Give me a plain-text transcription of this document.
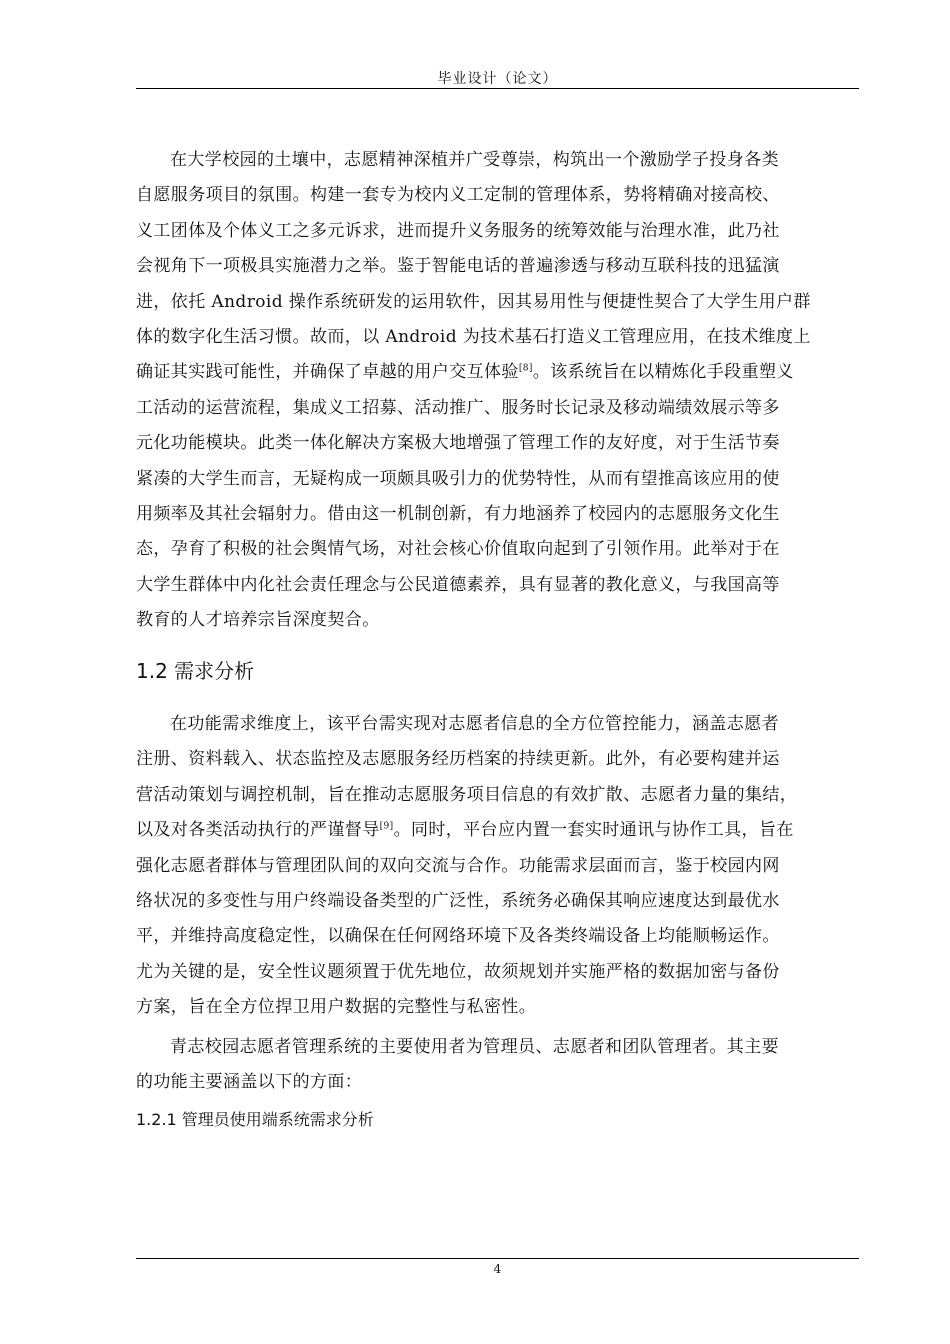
毕业设计（论文）
在大学校园的土壤中，志愿精神深植并广受尊崇，构筑出一个激励学子投身各类
自愿服务项目的氛围。构建一套专为校内义工定制的管理体系，势将精确对接高校、
义工团体及个体义工之多元诉求，进而提升义务服务的统筹效能与治理水准，此乃社
会视角下一项极具实施潜力之举。鉴于智能电话的普遍渗透与移动互联科技的迅猛演
进，依托 Android 操作系统研发的运用软件，因其易用性与便捷性契合了大学生用户群
体的数字化生活习惯。故而，以 Android 为技术基石打造义工管理应用，在技术维度上
确证其实践可能性，并确保了卓越的用户交互体验[8]。该系统旨在以精炼化手段重塑义
工活动的运营流程，集成义工招募、活动推广、服务时长记录及移动端绩效展示等多
元化功能模块。此类一体化解决方案极大地增强了管理工作的友好度，对于生活节奏
紧凑的大学生而言，无疑构成一项颇具吸引力的优势特性，从而有望推高该应用的使
用频率及其社会辐射力。借由这一机制创新，有力地涵养了校园内的志愿服务文化生
态，孕育了积极的社会舆情气场，对社会核心价值取向起到了引领作用。此举对于在
大学生群体中内化社会责任理念与公民道德素养，具有显著的教化意义，与我国高等
教育的人才培养宗旨深度契合。
1.2 需求分析
在功能需求维度上，该平台需实现对志愿者信息的全方位管控能力，涵盖志愿者
注册、资料载入、状态监控及志愿服务经历档案的持续更新。此外，有必要构建并运
营活动策划与调控机制，旨在推动志愿服务项目信息的有效扩散、志愿者力量的集结，
以及对各类活动执行的严谨督导[9]。同时，平台应内置一套实时通讯与协作工具，旨在
强化志愿者群体与管理团队间的双向交流与合作。功能需求层面而言，鉴于校园内网
络状况的多变性与用户终端设备类型的广泛性，系统务必确保其响应速度达到最优水
平，并维持高度稳定性，以确保在任何网络环境下及各类终端设备上均能顺畅运作。
尤为关键的是，安全性议题须置于优先地位，故须规划并实施严格的数据加密与备份
方案，旨在全方位捍卫用户数据的完整性与私密性。
青志校园志愿者管理系统的主要使用者为管理员、志愿者和团队管理者。其主要
的功能主要涵盖以下的方面：
1.2.1 管理员使用端系统需求分析
4
